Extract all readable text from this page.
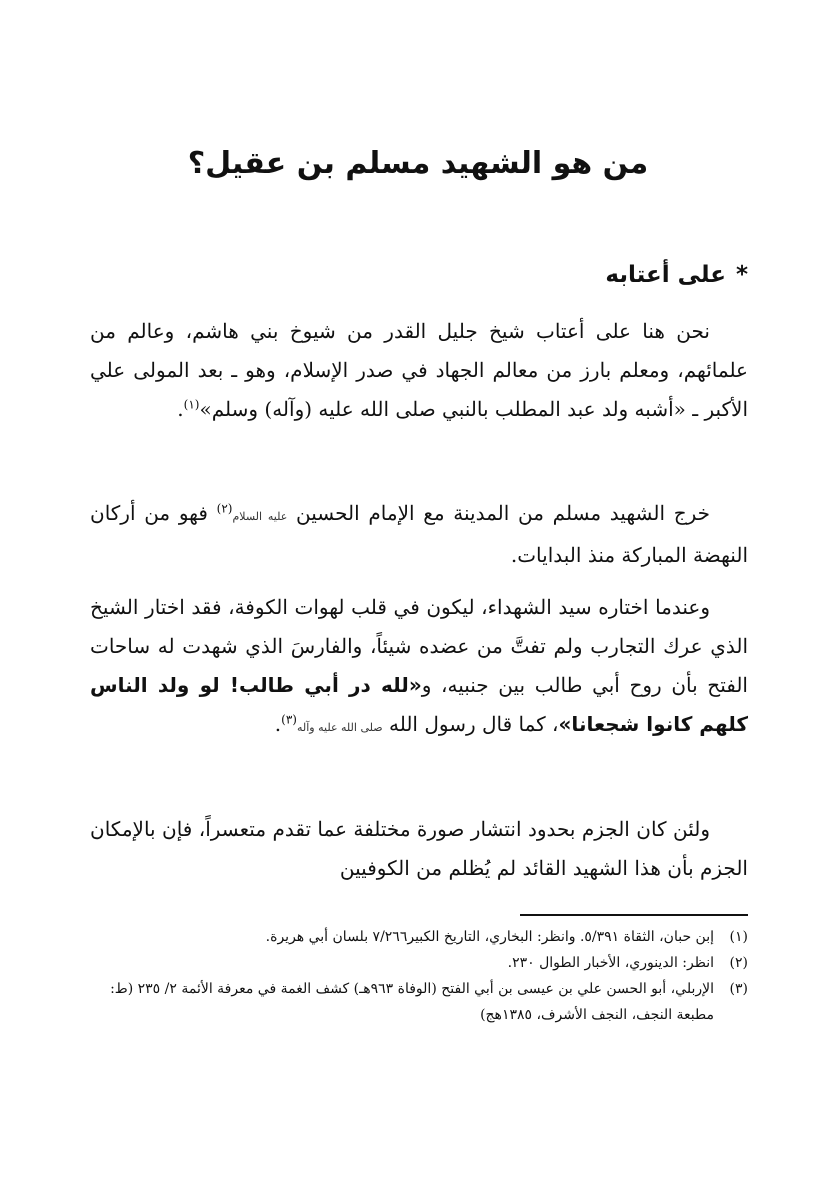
من هو الشهيد مسلم بن عقيل؟
*على أعتابه

نحن هنا على أعتاب شيخ جليل القدر من شيوخ بني هاشم، وعالم من علمائهم، ومعلم بارز من معالم الجهاد في صدر الإسلام، وهو ـ بعد المولى علي الأكبر ـ «أشبه ولد عبد المطلب بالنبي صلى الله عليه (وآله) وسلم»$^{(١)}$.

خرج الشهيد مسلم من المدينة مع الإمام الحسين عليه السلام$^{(٢)}$ فهو من أركان النهضة المباركة منذ البدايات.

وعندما اختاره سيد الشهداء، ليكون في قلب لهوات الكوفة، فقد اختار الشيخ الذي عرك التجارب ولم تفتَّ من عضده شيئاً، والفارسَ الذي شهدت له ساحات الفتح بأن روح أبي طالب بين جنبيه، و«لله در أبي طالب! لو ولد الناس كلهم كانوا شجعانا»، كما قال رسول الله صلى الله عليه وآله$^{(٣)}$.

ولئن كان الجزم بحدود انتشار صورة مختلفة عما تقدم متعسراً، فإن بالإمكان الجزم بأن هذا الشهيد القائد لم يُظلم من الكوفيين

(١)
إبن حبان، الثقاة ٥/٣٩١. وانظر: البخاري، التاريخ الكبير٧/٢٦٦ بلسان أبي هريرة.
(٢)
انظر: الدينوري، الأخبار الطوال ٢٣٠.
(٣)
الإربلي، أبو الحسن علي بن عيسى بن أبي الفتح (الوفاة ٩٦٣هـ) كشف الغمة في معرفة الأئمة ٢/ ٢٣٥ (ط: مطبعة النجف، النجف الأشرف، ١٣٨٥هج)
